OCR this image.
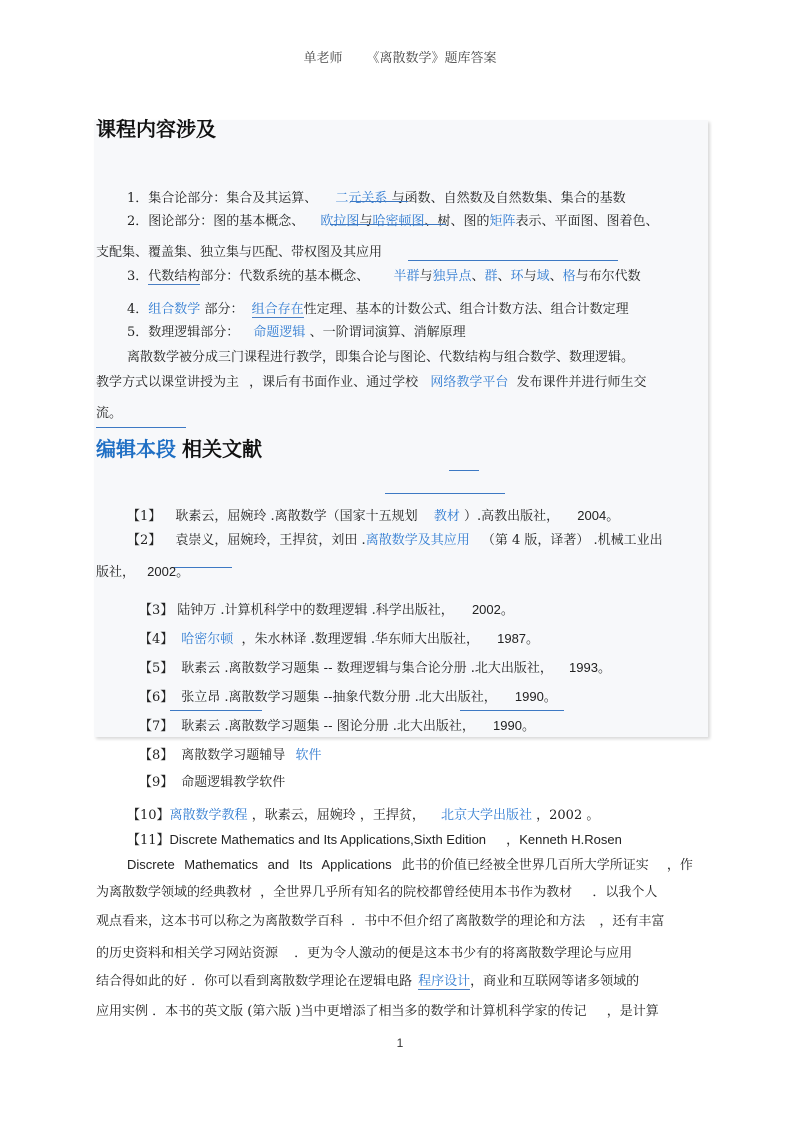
单老师 《离散数学》题库答案
课程内容涉及
1．集合论部分：集合及其运算、 二元关系 与函数、自然数及自然数集、集合的基数
2．图论部分：图的基本概念、 欧拉图与哈密顿图、树、图的矩阵表示、平面图、图着色、
支配集、覆盖集、独立集与匹配、带权图及其应用
3．代数结构部分：代数系统的基本概念、 半群与独异点、群、环与域、格与布尔代数
4．组合数学 部分： 组合存在性定理、基本的计数公式、组合计数方法、组合计数定理
5．数理逻辑部分： 命题逻辑 、一阶谓词演算、消解原理
离散数学被分成三门课程进行教学，即集合论与图论、代数结构与组合数学、数理逻辑。
教学方式以课堂讲授为主 ，课后有书面作业、通过学校 网络教学平台 发布课件并进行师生交
流。
编辑本段 相关文献
【1】 耿素云，屈婉玲 .离散数学（国家十五规划 教材 ）.高教出版社， 2004。
【2】 袁崇义，屈婉玲，王捍贫，刘田 .离散数学及其应用 （第 4 版，译著） .机械工业出
版社， 2002。
【3】 陆钟万 .计算机科学中的数理逻辑 .科学出版社， 2002。
【4】 哈密尔顿 ，朱水林译 .数理逻辑 .华东师大出版社， 1987。
【5】 耿素云 .离散数学习题集 -- 数理逻辑与集合论分册 .北大出版社， 1993。
【6】 张立昂 .离散数学习题集 --抽象代数分册 .北大出版社， 1990。
【7】 耿素云 .离散数学习题集 -- 图论分册 .北大出版社， 1990。
【8】 离散数学习题辅导 软件
【9】 命题逻辑教学软件
【10】离散数学教程 ，耿素云，屈婉玲 ，王捍贫， 北京大学出版社 ，2002 。
【11】Discrete Mathematics and Its Applications,Sixth Edition ，Kenneth H.Rosen
Discrete Mathematics and Its Applications 此书的价值已经被全世界几百所大学所证实 ，作
为离散数学领域的经典教材 ，全世界几乎所有知名的院校都曾经使用本书作为教材 ．以我个人
观点看来，这本书可以称之为离散数学百科 ．书中不但介绍了离散数学的理论和方法 ，还有丰富
的历史资料和相关学习网站资源 ．更为令人激动的便是这本书少有的将离散数学理论与应用
结合得如此的好 ．你可以看到离散数学理论在逻辑电路 程序设计，商业和互联网等诸多领域的
应用实例 ．本书的英文版 (第六版 )当中更增添了相当多的数学和计算机科学家的传记 ，是计算
1
